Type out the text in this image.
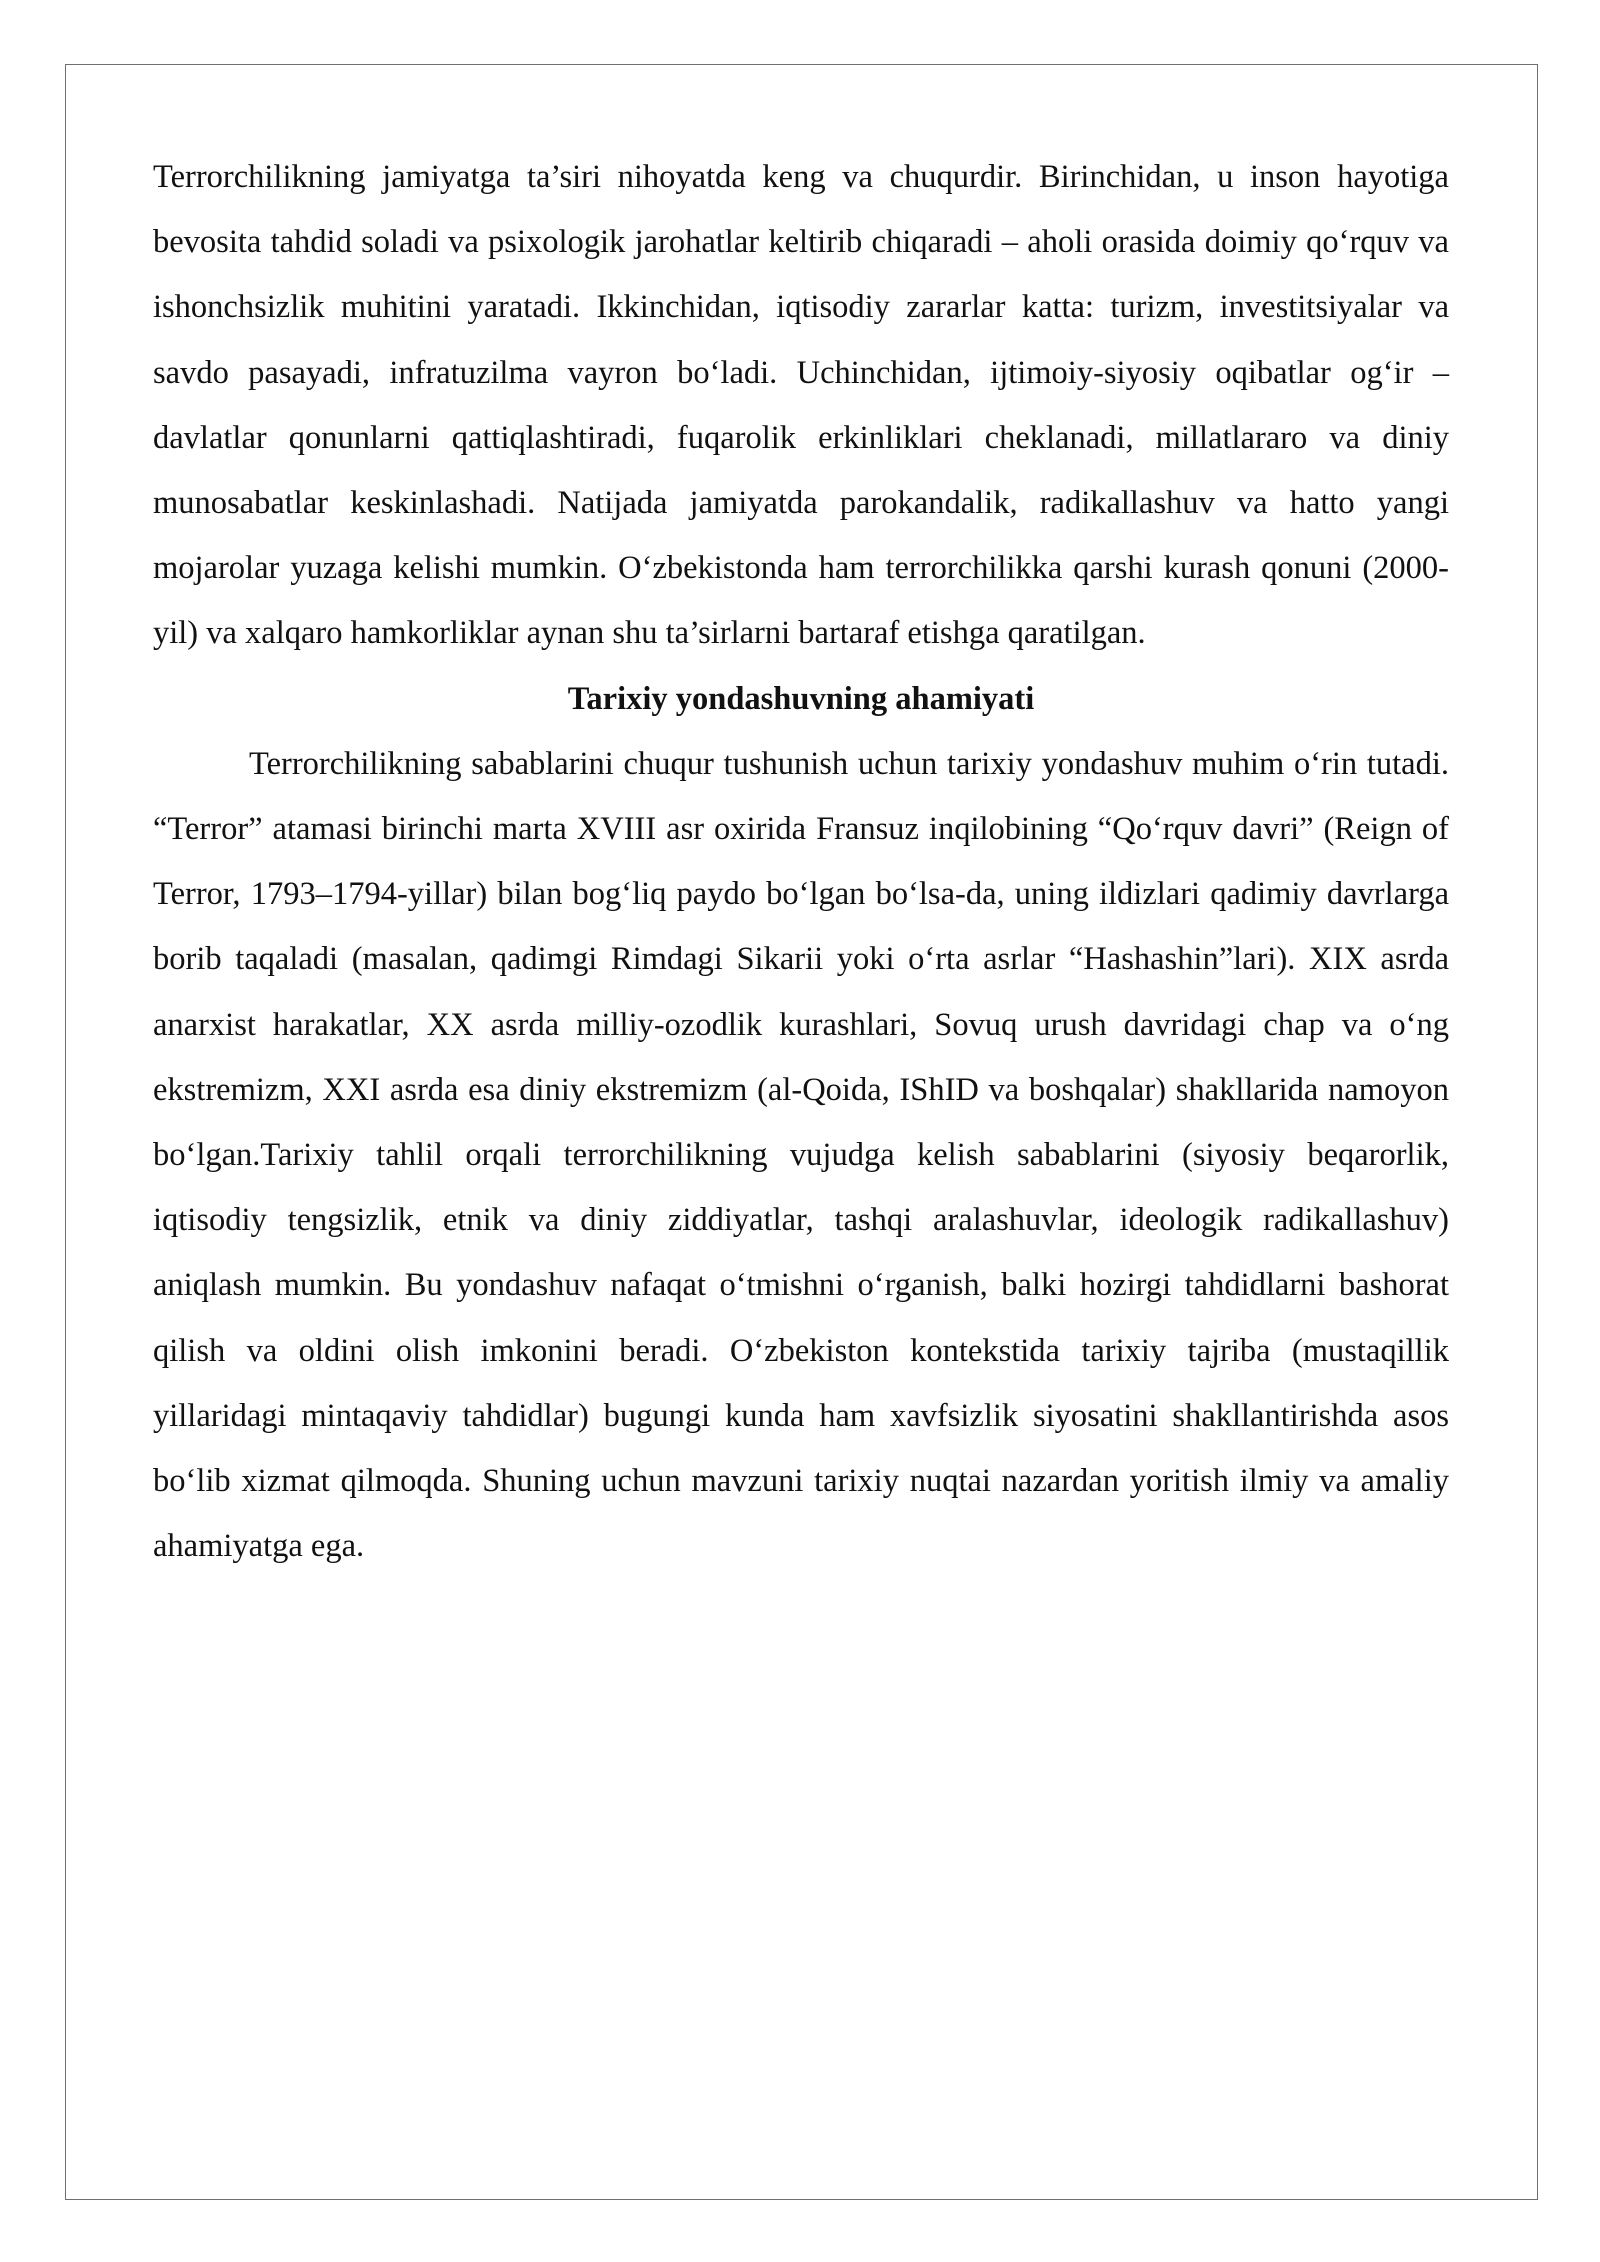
Terrorchilikning jamiyatga ta’siri nihoyatda keng va chuqurdir. Birinchidan, u inson hayotiga bevosita tahdid soladi va psixologik jarohatlar keltirib chiqaradi – aholi orasida doimiy qo‘rquv va ishonchsizlik muhitini yaratadi. Ikkinchidan, iqtisodiy zararlar katta: turizm, investitsiyalar va savdo pasayadi, infratuzilma vayron bo‘ladi. Uchinchidan, ijtimoiy-siyosiy oqibatlar og‘ir – davlatlar qonunlarni qattiqlashtiradi, fuqarolik erkinliklari cheklanadi, millatlararo va diniy munosabatlar keskinlashadi. Natijada jamiyatda parokandalik, radikallashuv va hatto yangi mojarolar yuzaga kelishi mumkin. O‘zbekistonda ham terrorchilikka qarshi kurash qonuni (2000-yil) va xalqaro hamkorliklar aynan shu ta’sirlarni bartaraf etishga qaratilgan.

Tarixiy yondashuvning ahamiyati

Terrorchilikning sabablarini chuqur tushunish uchun tarixiy yondashuv muhim o‘rin tutadi. “Terror” atamasi birinchi marta XVIII asr oxirida Fransuz inqilobining “Qo‘rquv davri” (Reign of Terror, 1793–1794-yillar) bilan bog‘liq paydo bo‘lgan bo‘lsa-da, uning ildizlari qadimiy davrlarga borib taqaladi (masalan, qadimgi Rimdagi Sikarii yoki o‘rta asrlar “Hashashin”lari). XIX asrda anarxist harakatlar, XX asrda milliy-ozodlik kurashlari, Sovuq urush davridagi chap va o‘ng ekstremizm, XXI asrda esa diniy ekstremizm (al-Qoida, IShID va boshqalar) shakllarida namoyon bo‘lgan.Tarixiy tahlil orqali terrorchilikning vujudga kelish sabablarini (siyosiy beqarorlik, iqtisodiy tengsizlik, etnik va diniy ziddiyatlar, tashqi aralashuvlar, ideologik radikallashuv) aniqlash mumkin. Bu yondashuv nafaqat o‘tmishni o‘rganish, balki hozirgi tahdidlarni bashorat qilish va oldini olish imkonini beradi. O‘zbekiston kontekstida tarixiy tajriba (mustaqillik yillaridagi mintaqaviy tahdidlar) bugungi kunda ham xavfsizlik siyosatini shakllantirishda asos bo‘lib xizmat qilmoqda. Shuning uchun mavzuni tarixiy nuqtai nazardan yoritish ilmiy va amaliy ahamiyatga ega.
